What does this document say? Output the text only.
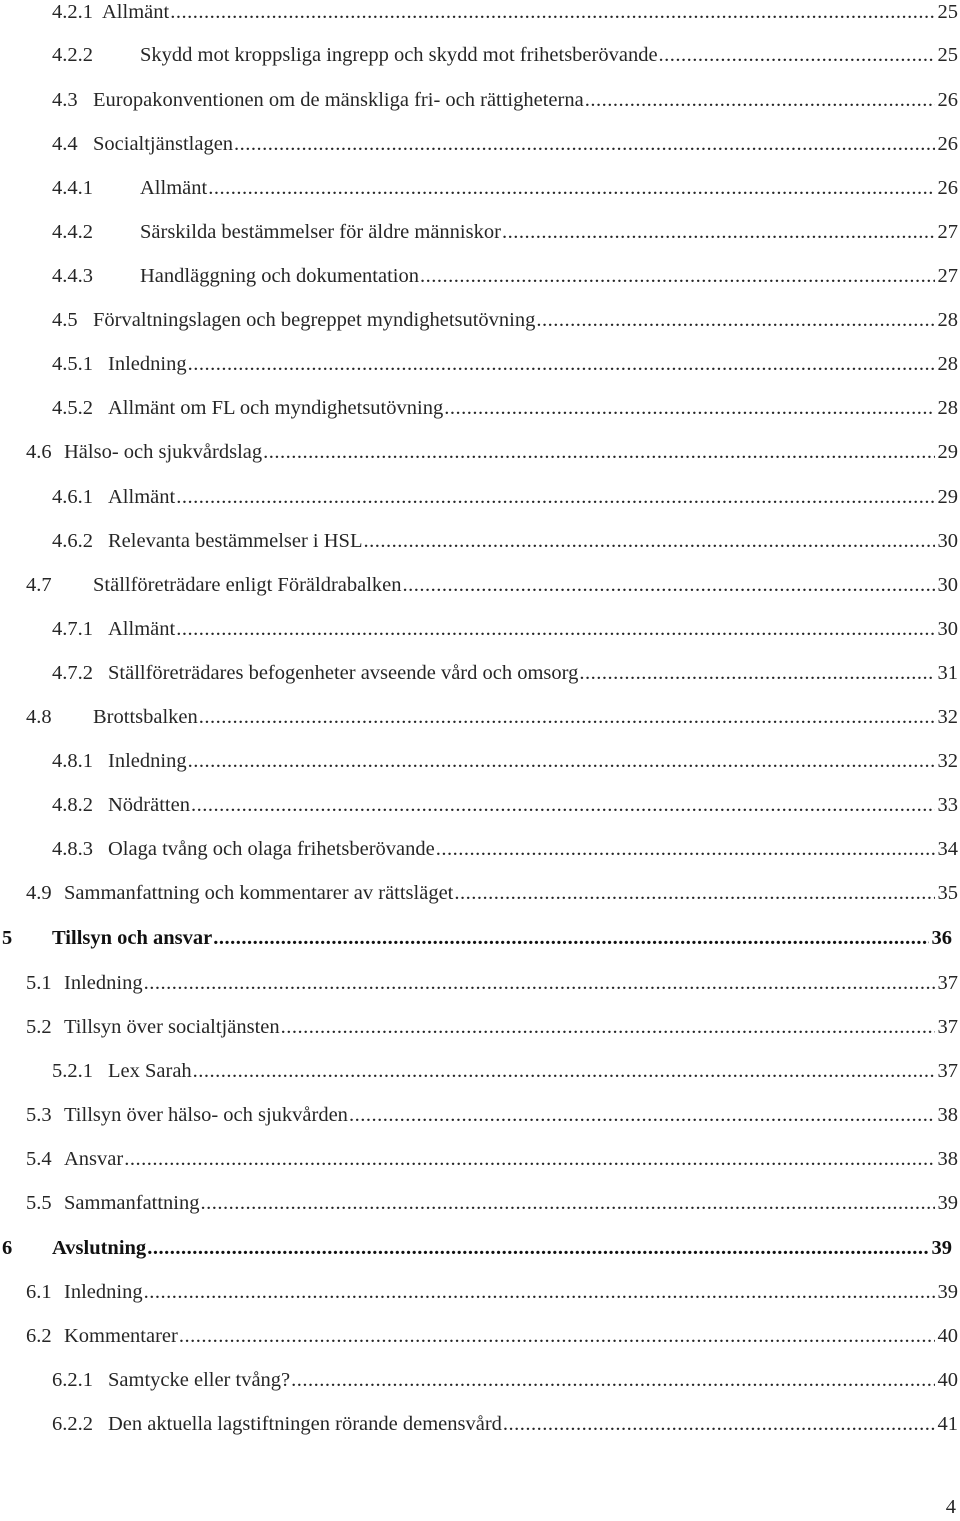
4.2.1 Allmänt .....	25
4.2.2 Skydd mot kroppsliga ingrepp och skydd mot frihetsberövande .....	25
4.3 Europakonventionen om de mänskliga fri- och rättigheterna .....	26
4.4 Socialtjänstlagen .....	26
4.4.1 Allmänt .....	26
4.4.2 Särskilda bestämmelser för äldre människor .....	27
4.4.3 Handläggning och dokumentation .....	27
4.5 Förvaltningslagen och begreppet myndighetsutövning .....	28
4.5.1 Inledning .....	28
4.5.2 Allmänt om FL och myndighetsutövning .....	28
4.6 Hälso- och sjukvårdslag .....	29
4.6.1 Allmänt .....	29
4.6.2 Relevanta bestämmelser i HSL .....	30
4.7 Ställföreträdare enligt Föräldrabalken .....	30
4.7.1 Allmänt .....	30
4.7.2 Ställföreträdares befogenheter avseende vård och omsorg .....	31
4.8 Brottsbalken .....	32
4.8.1 Inledning .....	32
4.8.2 Nödrätten .....	33
4.8.3 Olaga tvång och olaga frihetsberövande .....	34
4.9 Sammanfattning och kommentarer av rättsläget .....	35
5 Tillsyn och ansvar .....	36
5.1 Inledning .....	37
5.2 Tillsyn över socialtjänsten .....	37
5.2.1 Lex Sarah .....	37
5.3 Tillsyn över hälso- och sjukvården .....	38
5.4 Ansvar .....	38
5.5 Sammanfattning .....	39
6 Avslutning .....	39
6.1 Inledning .....	39
6.2 Kommentarer .....	40
6.2.1 Samtycke eller tvång? .....	40
6.2.2 Den aktuella lagstiftningen rörande demensvård .....	41
4
